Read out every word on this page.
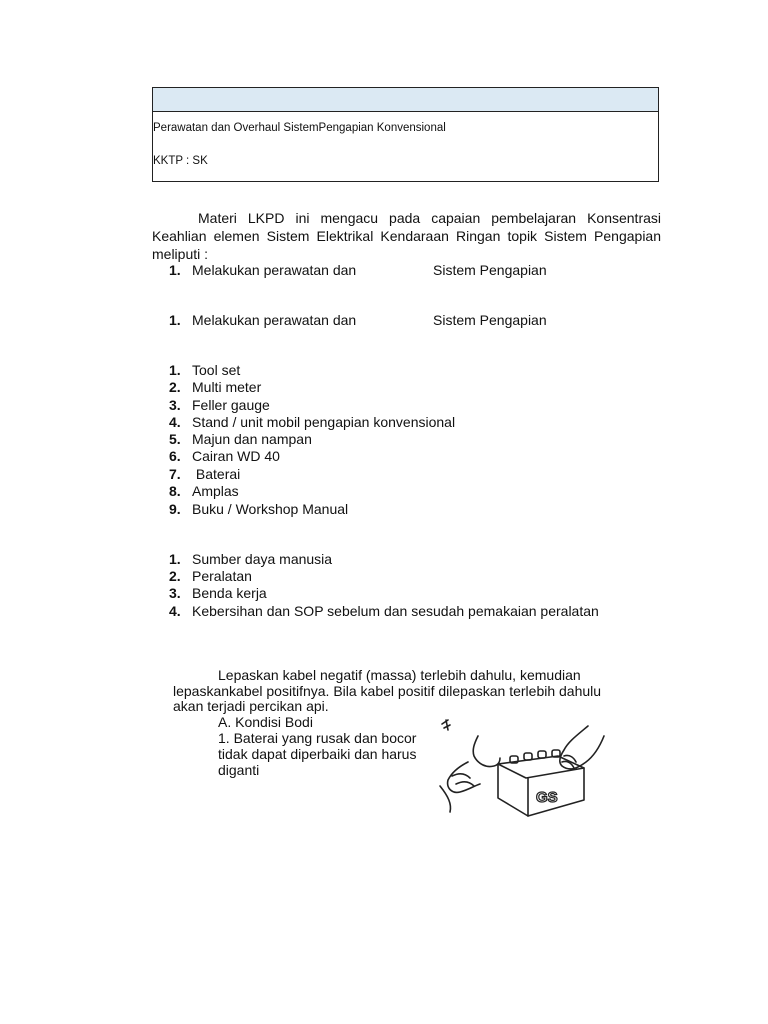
Perawatan dan Overhaul SistemPengapian Konvensional
KKTP : SK

Materi LKPD ini mengacu pada capaian pembelajaran Konsentrasi Keahlian elemen Sistem Elektrikal Kendaraan Ringan topik Sistem Pengapian meliputi :

1. Melakukan perawatan dan	Sistem Pengapian
1. Melakukan perawatan dan	Sistem Pengapian
1. Tool set
2. Multi meter
3. Feller gauge
4. Stand / unit mobil pengapian konvensional
5. Majun dan nampan
6. Cairan WD 40
7. Baterai
8. Amplas
9. Buku / Workshop Manual
1. Sumber daya manusia
2. Peralatan
3. Benda kerja
4. Kebersihan dan SOP sebelum dan sesudah pemakaian peralatan
Lepaskan kabel negatif (massa) terlebih dahulu, kemudian
lepaskankabel positifnya. Bila kabel positif dilepaskan terlebih dahulu
akan terjadi percikan api.
A. Kondisi Bodi
1. Baterai yang rusak dan bocor
tidak dapat diperbaiki dan harus
diganti
GS
